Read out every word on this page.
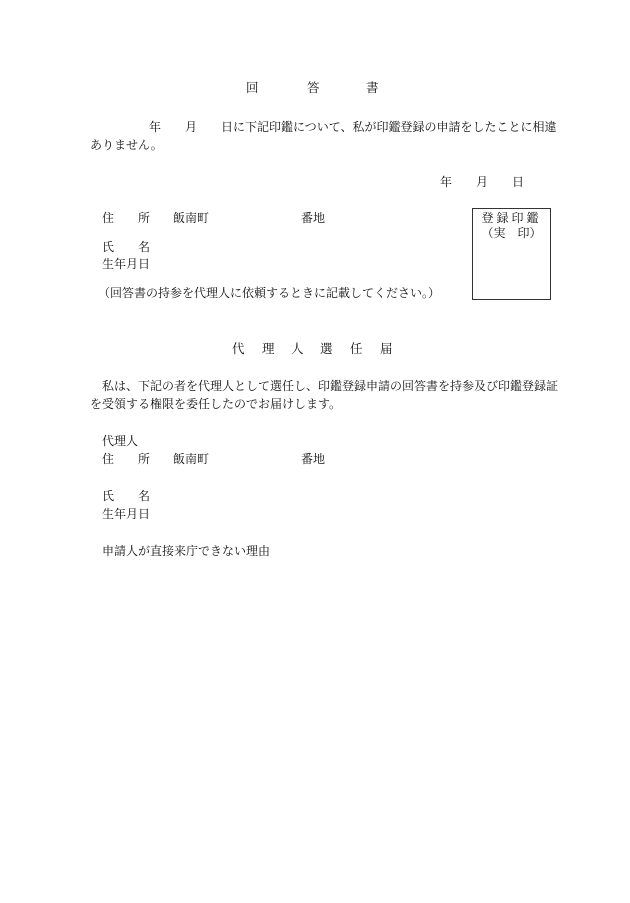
回	答	書
年 月 日に下記印鑑について、私が印鑑登録の申請をしたことに相違
ありません。
年 月 日
住 所 飯南町	番地
氏 名
生年月日
（回答書の持参を代理人に依頼するときに記載してください。）
登録印鑑
（実 印）
代 理 人 選 任 届
私は、下記の者を代理人として選任し、印鑑登録申請の回答書を持参及び印鑑登録証
を受領する権限を委任したのでお届けします。
代理人
住 所 飯南町	番地
氏 名
生年月日
申請人が直接来庁できない理由
